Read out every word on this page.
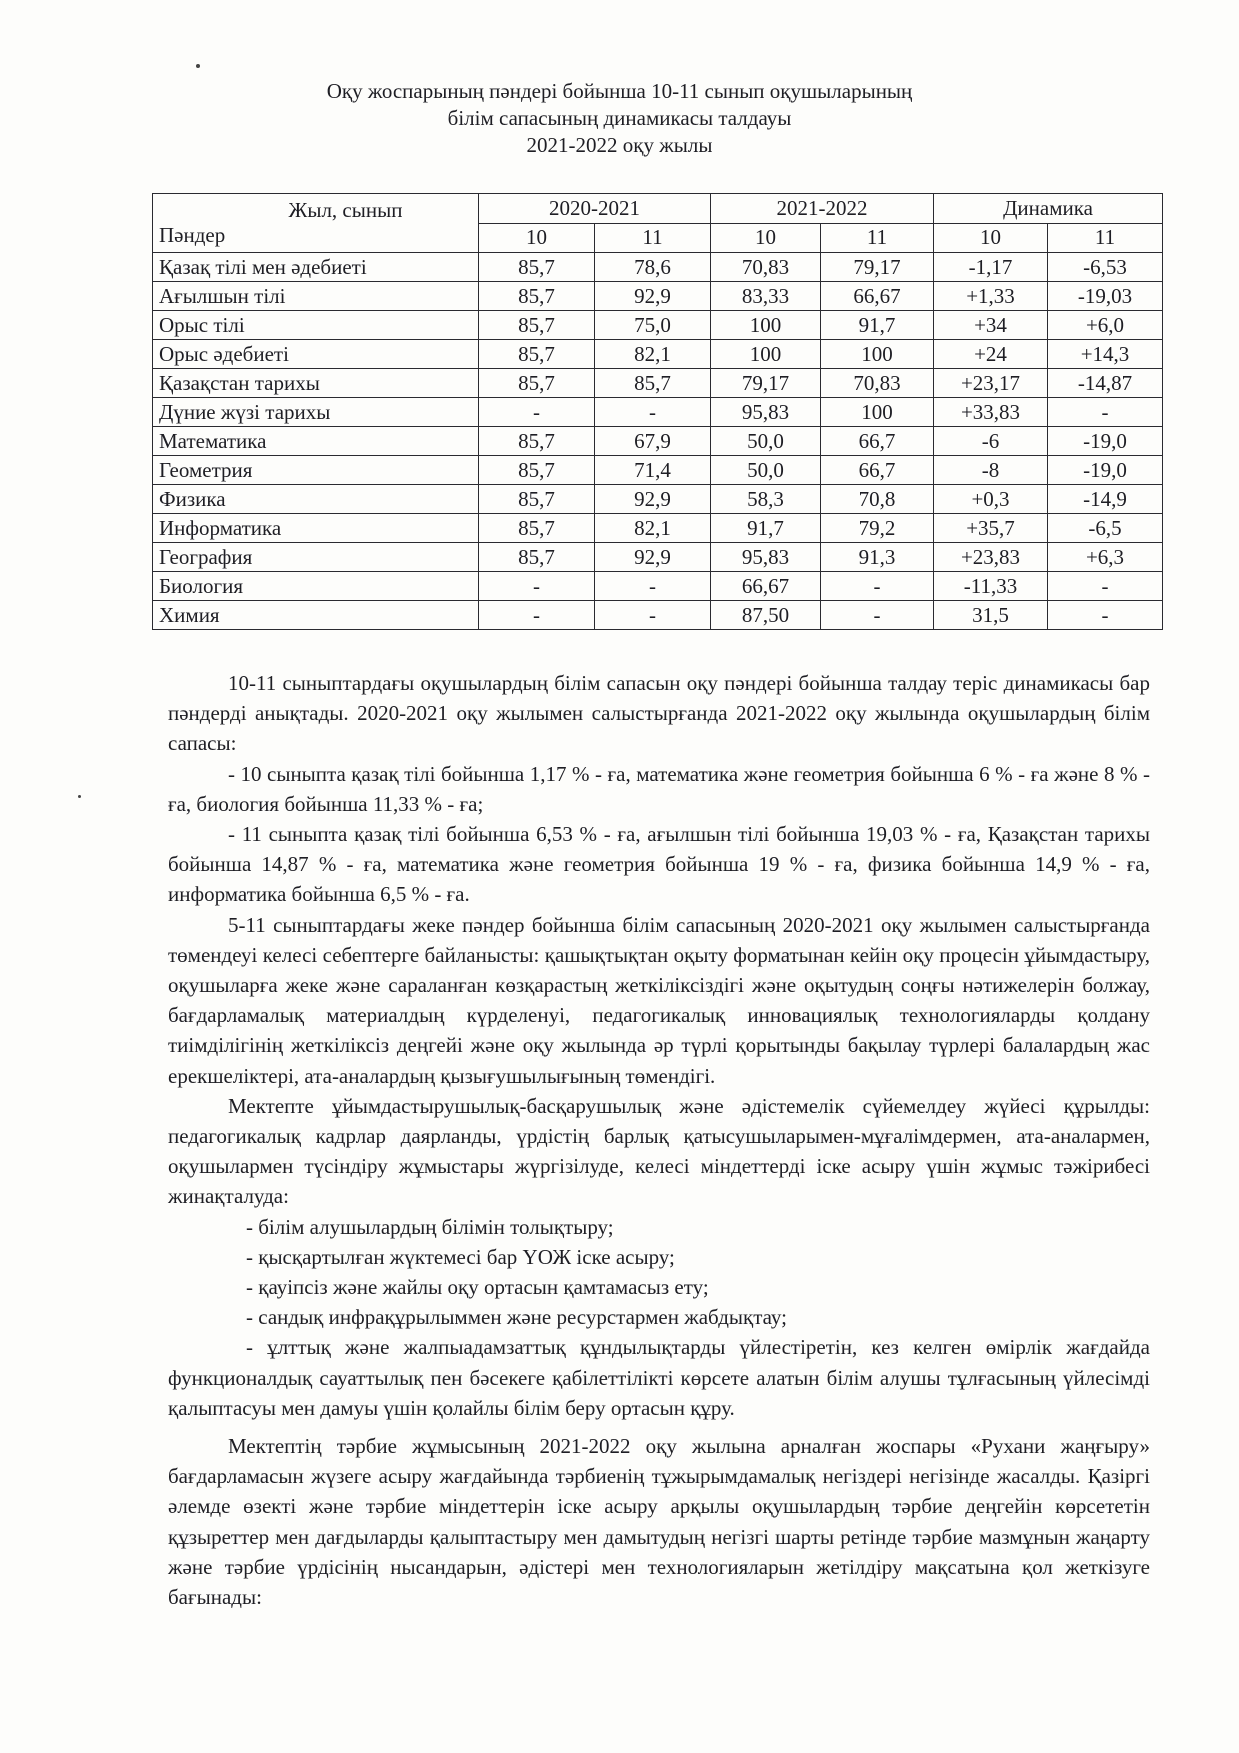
Оқу жоспарының пәндері бойынша 10-11 сынып оқушыларының
білім сапасының динамикасы талдауы
2021-2022 оқу жылы
Жыл, сынып
Пәндер	2020-2021		2021-2022		Динамика	
	10	11	10	11	10	11
Қазақ тілі мен әдебиеті	85,7	78,6	70,83	79,17	-1,17	-6,53
Ағылшын тілі	85,7	92,9	83,33	66,67	+1,33	-19,03
Орыс тілі	85,7	75,0	100	91,7	+34	+6,0
Орыс әдебиеті	85,7	82,1	100	100	+24	+14,3
Қазақстан тарихы	85,7	85,7	79,17	70,83	+23,17	-14,87
Дүние жүзі тарихы	-	-	95,83	100	+33,83	-
Математика	85,7	67,9	50,0	66,7	-6	-19,0
Геометрия	85,7	71,4	50,0	66,7	-8	-19,0
Физика	85,7	92,9	58,3	70,8	+0,3	-14,9
Информатика	85,7	82,1	91,7	79,2	+35,7	-6,5
География	85,7	92,9	95,83	91,3	+23,83	+6,3
Биология	-	-	66,67	-	-11,33	-
Химия	-	-	87,50	-	31,5	-

10-11 сыныптардағы оқушылардың білім сапасын оқу пәндері бойынша талдау теріс динамикасы бар пәндерді анықтады. 2020-2021 оқу жылымен салыстырғанда 2021-2022 оқу жылында оқушылардың білім сапасы:

- 10 сыныпта қазақ тілі бойынша 1,17 % - ға, математика және геометрия бойынша 6 % - ға және 8 % - ға, биология бойынша 11,33 % - ға;

- 11 сыныпта қазақ тілі бойынша 6,53 % - ға, ағылшын тілі бойынша 19,03 % - ға, Қазақстан тарихы бойынша 14,87 % - ға, математика және геометрия бойынша 19 % - ға, физика бойынша 14,9 % - ға, информатика бойынша 6,5 % - ға.

5-11 сыныптардағы жеке пәндер бойынша білім сапасының 2020-2021 оқу жылымен салыстырғанда төмендеуі келесі себептерге байланысты: қашықтықтан оқыту форматынан кейін оқу процесін ұйымдастыру, оқушыларға жеке және сараланған көзқарастың жеткіліксіздігі және оқытудың соңғы нәтижелерін болжау, бағдарламалық материалдың күрделенуі, педагогикалық инновациялық технологияларды қолдану тиімділігінің жеткіліксіз деңгейі және оқу жылында әр түрлі қорытынды бақылау түрлері балалардың жас ерекшеліктері, ата-аналардың қызығушылығының төмендігі.

Мектепте ұйымдастырушылық-басқарушылық және әдістемелік сүйемелдеу жүйесі құрылды: педагогикалық кадрлар даярланды, үрдістің барлық қатысушыларымен-мұғалімдермен, ата-аналармен, оқушылармен түсіндіру жұмыстары жүргізілуде, келесі міндеттерді іске асыру үшін жұмыс тәжірибесі жинақталуда:

- білім алушылардың білімін толықтыру;

- қысқартылған жүктемесі бар ҮОЖ іске асыру;

- қауіпсіз және жайлы оқу ортасын қамтамасыз ету;

- сандық инфрақұрылыммен және ресурстармен жабдықтау;

- ұлттық және жалпыадамзаттық құндылықтарды үйлестіретін, кез келген өмірлік жағдайда функционалдық сауаттылық пен бәсекеге қабілеттілікті көрсете алатын білім алушы тұлғасының үйлесімді қалыптасуы мен дамуы үшін қолайлы білім беру ортасын құру.

Мектептің тәрбие жұмысының 2021-2022 оқу жылына арналған жоспары «Рухани жаңғыру» бағдарламасын жүзеге асыру жағдайында тәрбиенің тұжырымдамалық негіздері негізінде жасалды. Қазіргі әлемде өзекті және тәрбие міндеттерін іске асыру арқылы оқушылардың тәрбие деңгейін көрсететін құзыреттер мен дағдыларды қалыптастыру мен дамытудың негізгі шарты ретінде тәрбие мазмұнын жаңарту және тәрбие үрдісінің нысандарын, әдістері мен технологияларын жетілдіру мақсатына қол жеткізуге бағынады:
